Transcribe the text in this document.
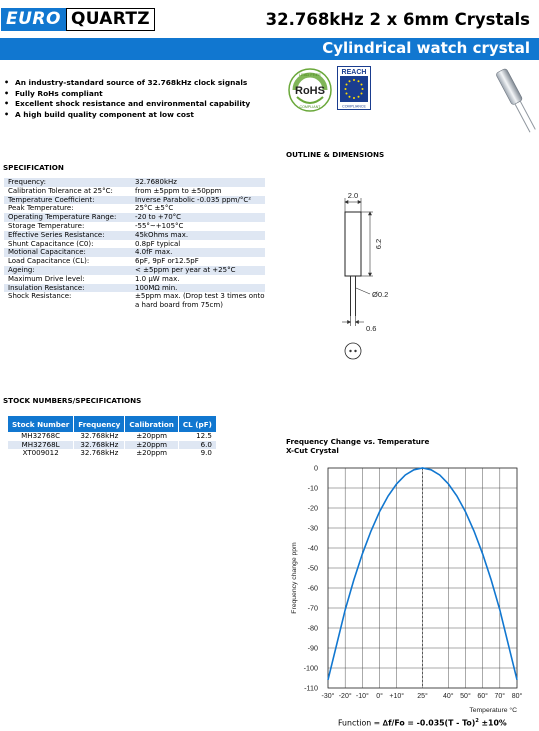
EURO QUARTZ	32.768kHz 2 x 6mm Crystals
Cylindrical watch crystal
• An industry-standard source of 32.768kHz clock signals
• Fully RoHs compliant
• Excellent shock resistance and environmental capability
• A high build quality component at low cost
RoHS
LEAD FREE
COMPLIANT
REACH
COMPLIANCE
SPECIFICATION
Frequency:	32.7680kHz
Calibration Tolerance at 25°C:	from ±5ppm to ±50ppm
Temperature Coefficient:	Inverse Parabolic -0.035 ppm/°C²
Peak Temperature:	25°C ±5°C
Operating Temperature Range:	-20 to +70°C
Storage Temperature:	-55°~+105°C
Effective Series Resistance:	45kOhms max.
Shunt Capacitance (C0):	0.8pF typical
Motional Capacitance:	4.0fF max.
Load Capacitance (CL):	6pF, 9pF or12.5pF
Ageing:	< ±5ppm per year at +25°C
Maximum Drive level:	1.0 μW max.
Insulation Resistance:	100MΩ min.
Shock Resistance:	±5ppm max. (Drop test 3 times onto a hard board from 75cm)
OUTLINE & DIMENSIONS
2.0
6.2
Ø0.2
0.6
STOCK NUMBERS/SPECIFICATIONS
Stock Number	Frequency	Calibration	CL (pF)
MH32768C	32.768kHz	±20ppm	12.5
MH32768L	32.768kHz	±20ppm	6.0
XT009012	32.768kHz	±20ppm	9.0
Frequency Change vs. Temperature
X-Cut Crystal
0
-10
-20
-30
-40
-50
-60
-70
-80
-90
-100
-110
-30° -20° -10° 0° +10° 25° 40° 50° 60° 70° 80°
Frequency change ppm
Temperature °C
Function = ∆f/Fo = -0.035(T - To)$^2$ ±10%
